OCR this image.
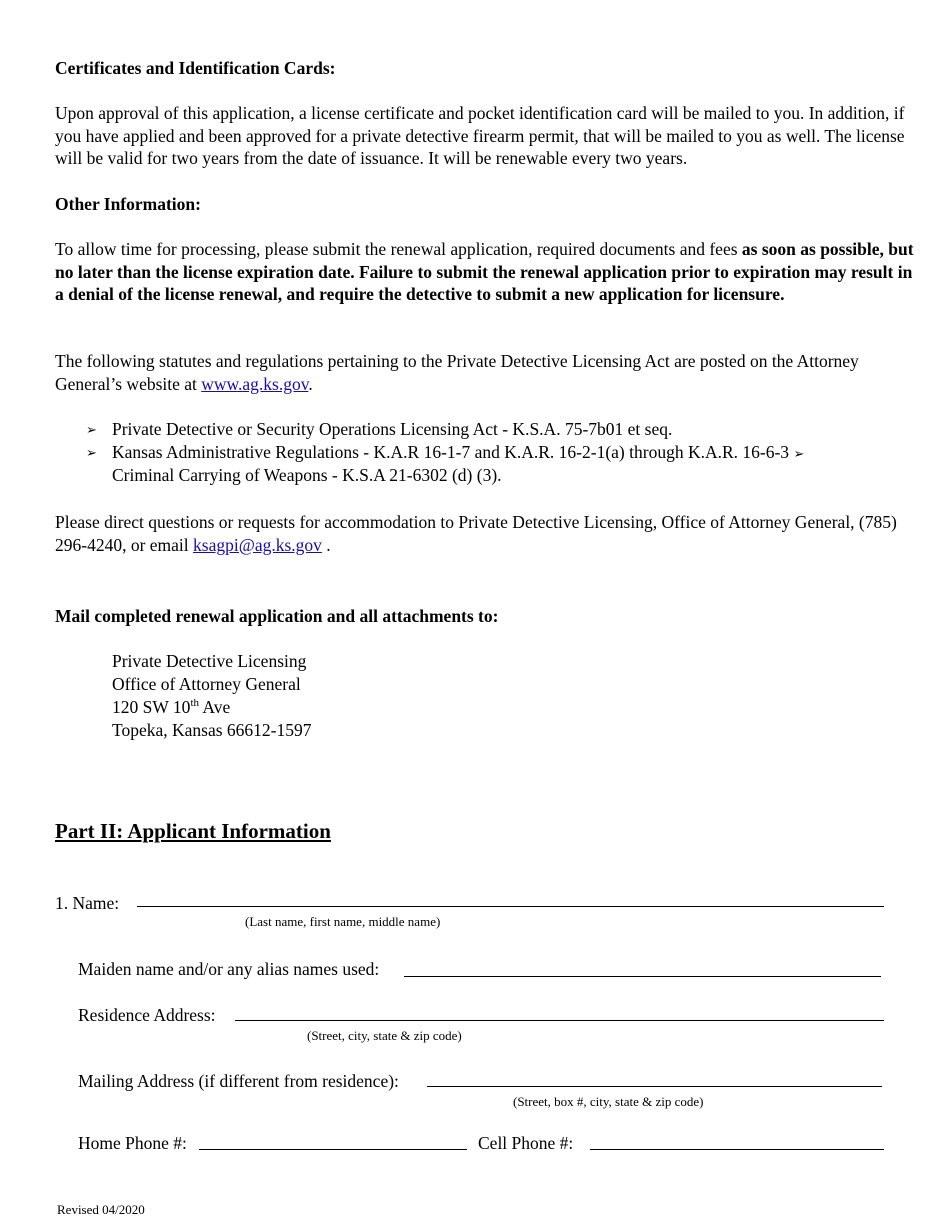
Certificates and Identification Cards:
Upon approval of this application, a license certificate and pocket identification card will be mailed to you. In addition, if you have applied and been approved for a private detective firearm permit, that will be mailed to you as well. The license will be valid for two years from the date of issuance. It will be renewable every two years.
Other Information:
To allow time for processing, please submit the renewal application, required documents and fees as soon as possible, but no later than the license expiration date. Failure to submit the renewal application prior to expiration may result in a denial of the license renewal, and require the detective to submit a new application for licensure.
The following statutes and regulations pertaining to the Private Detective Licensing Act are posted on the Attorney General’s website at www.ag.ks.gov.
➢ Private Detective or Security Operations Licensing Act - K.S.A. 75-7b01 et seq.
➢ Kansas Administrative Regulations - K.A.R 16-1-7 and K.A.R. 16-2-1(a) through K.A.R. 16-6-3 ➢
Criminal Carrying of Weapons - K.S.A 21-6302 (d) (3).
Please direct questions or requests for accommodation to Private Detective Licensing, Office of Attorney General, (785) 296-4240, or email ksagpi@ag.ks.gov .
Mail completed renewal application and all attachments to:
Private Detective Licensing
Office of Attorney General
120 SW 10th Ave
Topeka, Kansas 66612-1597
Part II: Applicant Information
1. Name:
(Last name, first name, middle name)
Maiden name and/or any alias names used:
Residence Address:
(Street, city, state & zip code)
Mailing Address (if different from residence):
(Street, box #, city, state & zip code)
Home Phone #:	Cell Phone #:
Revised 04/2020
